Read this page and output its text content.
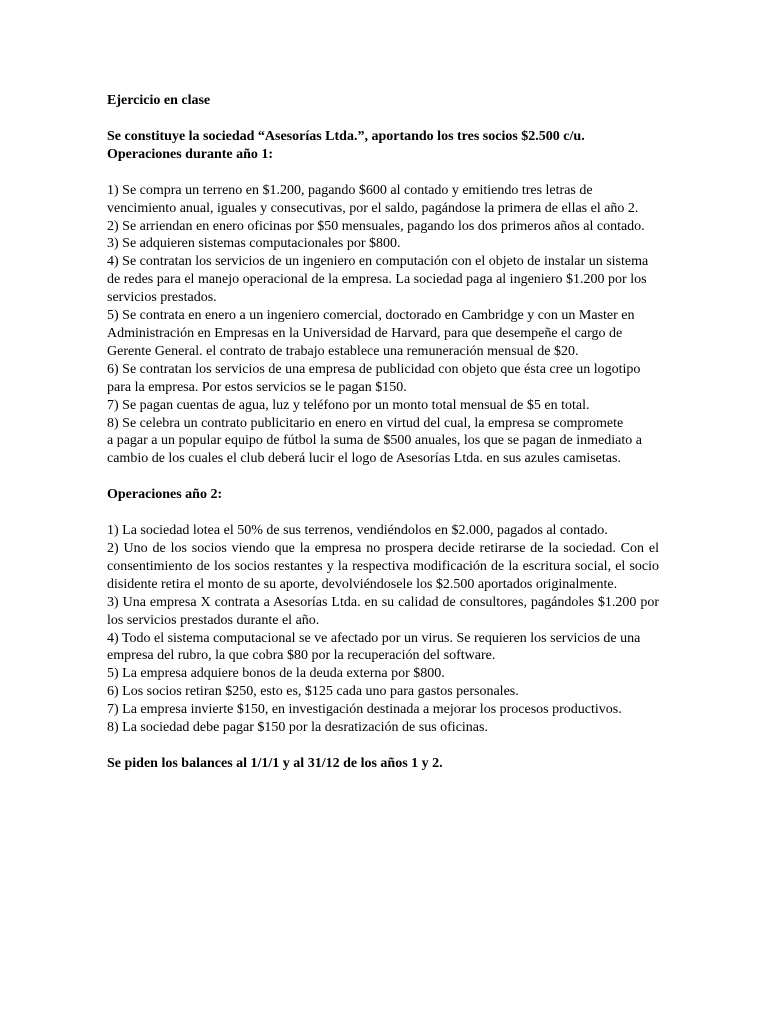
Ejercicio en clase

Se constituye la sociedad “Asesorías Ltda.”, aportando los tres socios $2.500 c/u.

Operaciones durante año 1:

1) Se compra un terreno en $1.200, pagando $600 al contado y emitiendo tres letras de vencimiento anual, iguales y consecutivas, por el saldo, pagándose la primera de ellas el año 2.

2) Se arriendan en enero oficinas por $50 mensuales, pagando los dos primeros años al contado.

3) Se adquieren sistemas computacionales por $800.

4) Se contratan los servicios de un ingeniero en computación con el objeto de instalar un sistema de redes para el manejo operacional de la empresa. La sociedad paga al ingeniero $1.200 por los servicios prestados.

5) Se contrata en enero a un ingeniero comercial, doctorado en Cambridge y con un Master en Administración en Empresas en la Universidad de Harvard, para que desempeñe el cargo de Gerente General. el contrato de trabajo establece una remuneración mensual de $20.

6) Se contratan los servicios de una empresa de publicidad con objeto que ésta cree un logotipo para la empresa. Por estos servicios se le pagan $150.

7) Se pagan cuentas de agua, luz y teléfono por un monto total mensual de $5 en total.

8) Se celebra un contrato publicitario en enero en virtud del cual, la empresa se compromete

a pagar a un popular equipo de fútbol la suma de $500 anuales, los que se pagan de inmediato a cambio de los cuales el club deberá lucir el logo de Asesorías Ltda. en sus azules camisetas.

Operaciones año 2:

1) La sociedad lotea el 50% de sus terrenos, vendiéndolos en $2.000, pagados al contado.

2) Uno de los socios viendo que la empresa no prospera decide retirarse de la sociedad. Con el consentimiento de los socios restantes y la respectiva modificación de la escritura social, el socio disidente retira el monto de su aporte, devolviéndosele los $2.500 aportados originalmente.

3) Una empresa X contrata a Asesorías Ltda. en su calidad de consultores, pagándoles $1.200 por los servicios prestados durante el año.

4) Todo el sistema computacional se ve afectado por un virus. Se requieren los servicios de una empresa del rubro, la que cobra $80 por la recuperación del software.

5) La empresa adquiere bonos de la deuda externa por $800.

6) Los socios retiran $250, esto es, $125 cada uno para gastos personales.

7) La empresa invierte $150, en investigación destinada a mejorar los procesos productivos.

8) La sociedad debe pagar $150 por la desratización de sus oficinas.

Se piden los balances al 1/1/1 y al 31/12 de los años 1 y 2.
